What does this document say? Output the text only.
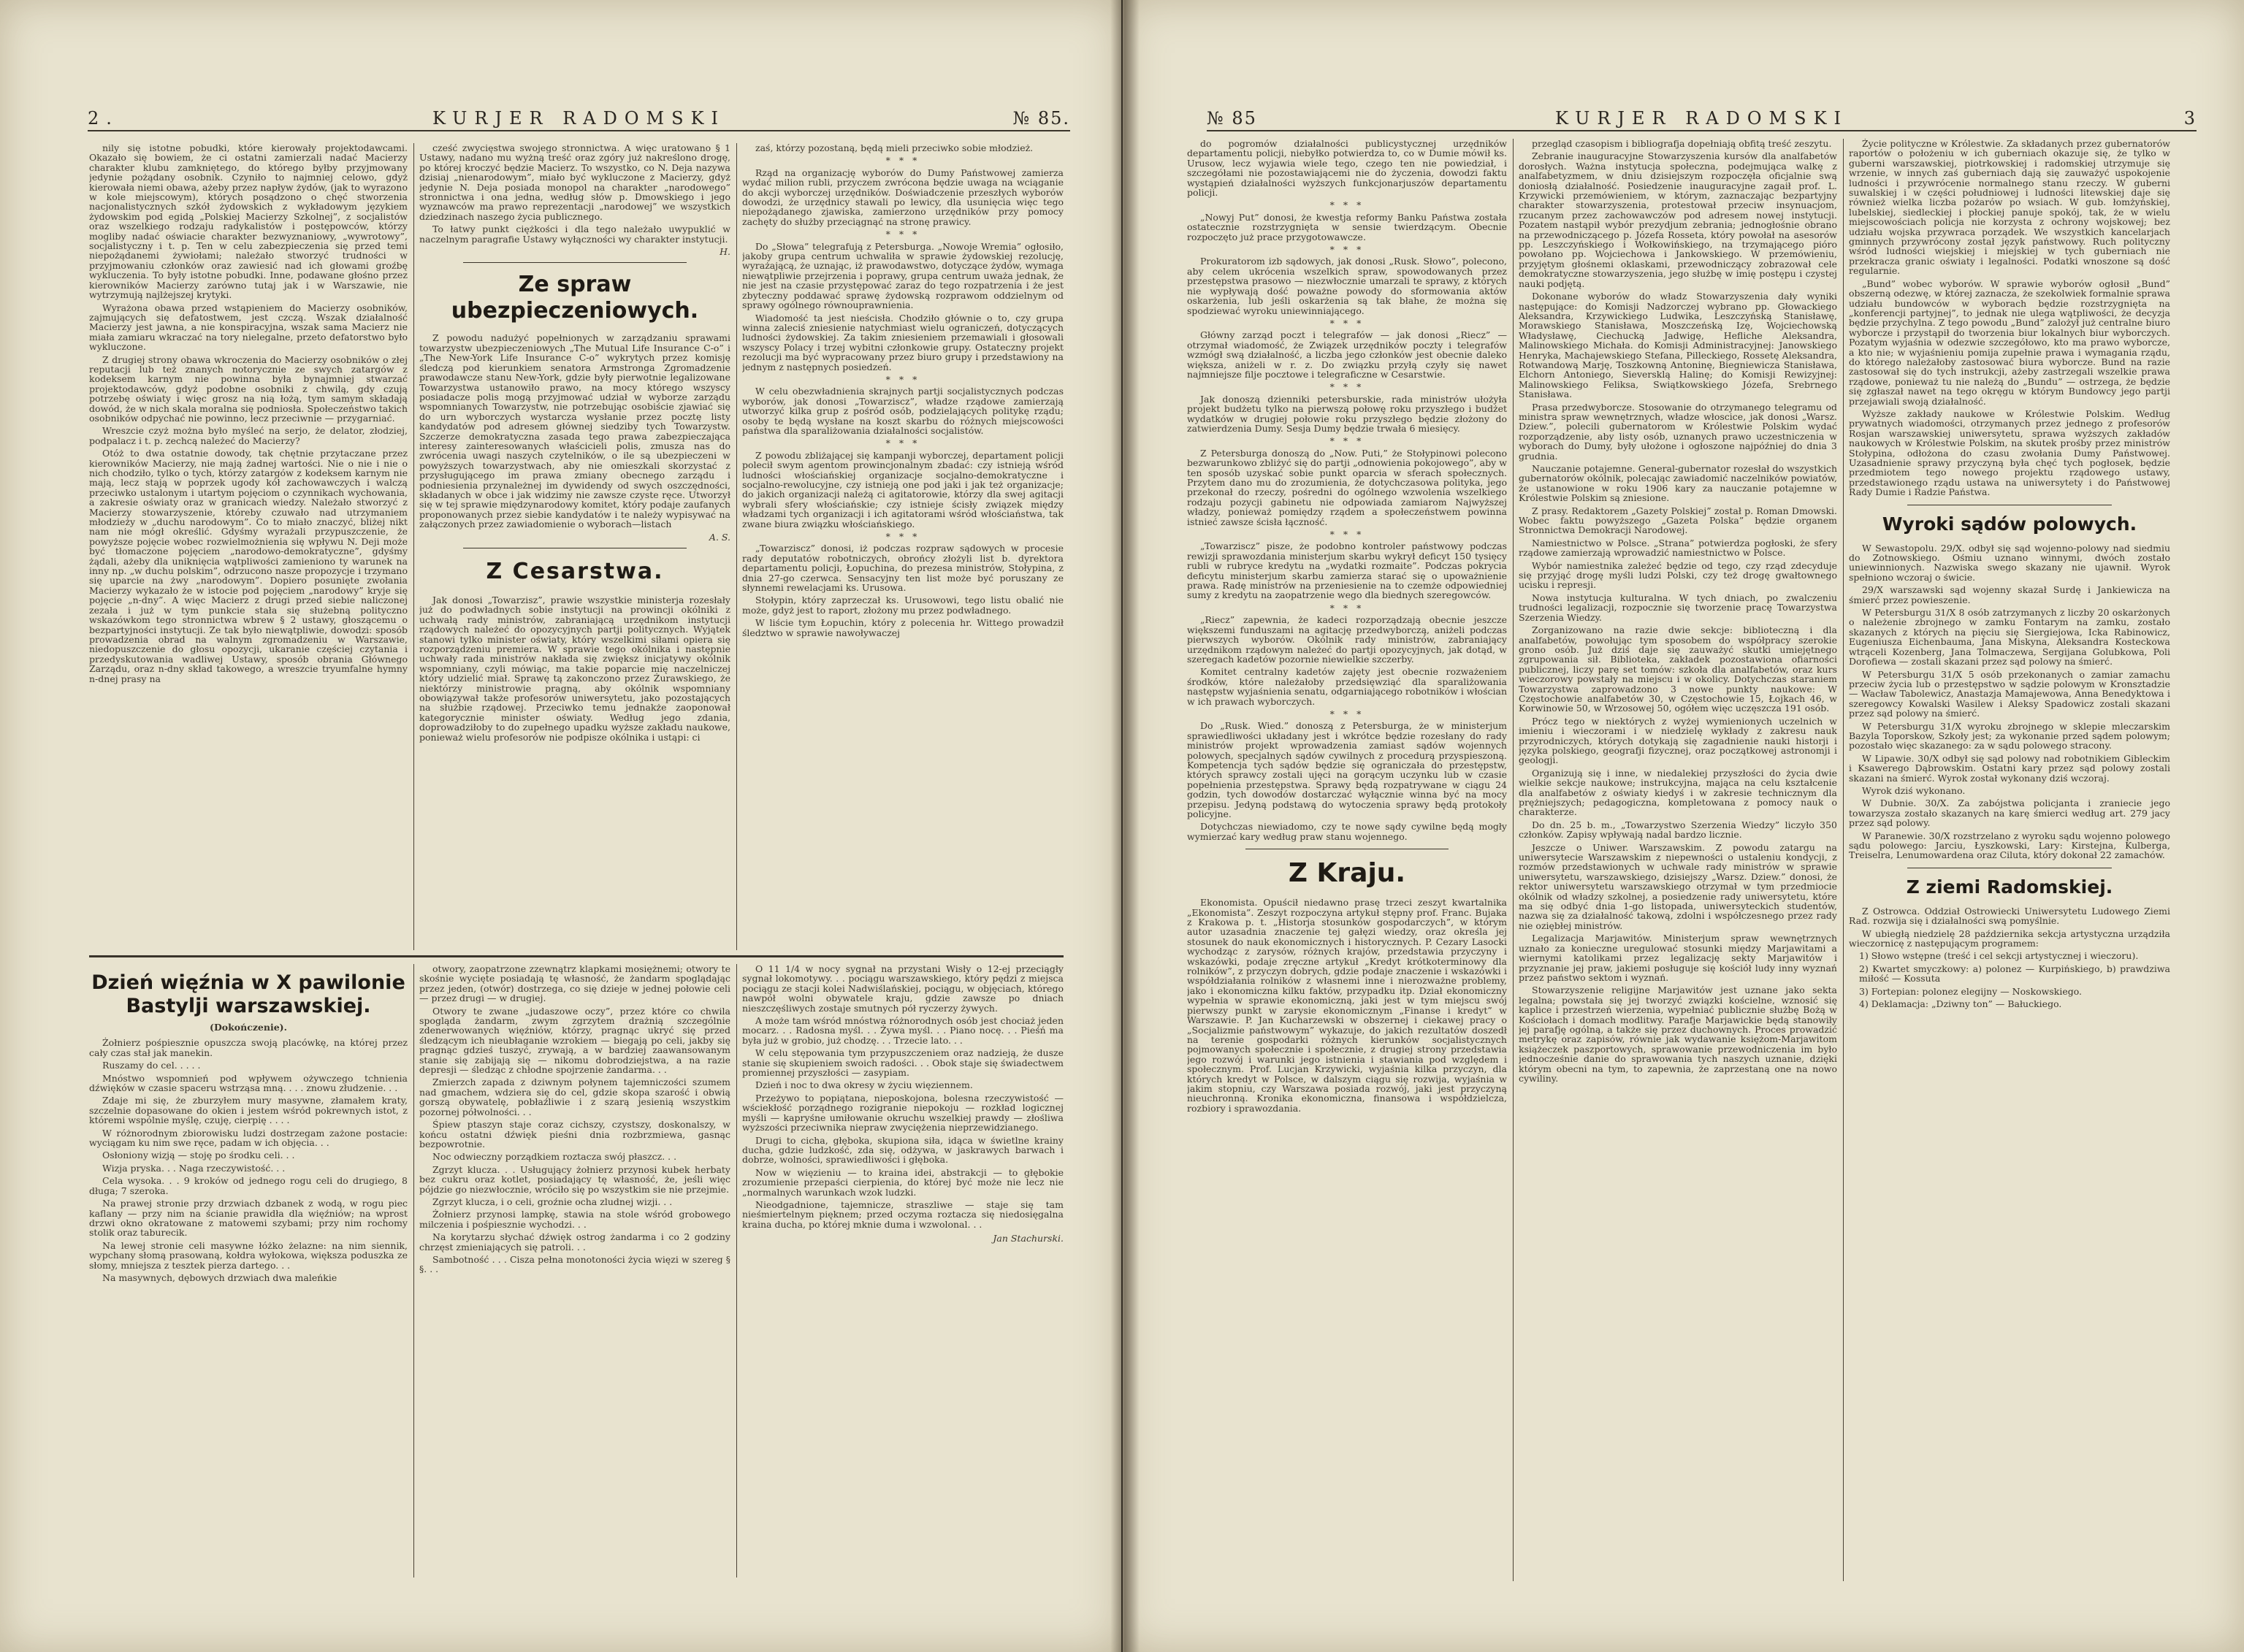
2.	KURJER RADOMSKI	№ 85.

nily się istotne pobudki, które kierowały projektodawcami. Okazało się bowiem, że ci ostatni zamierzali nadać Macierzy charakter klubu zamkniętego, do którego byłby przyjmowany jedynie pożądany osobnik. Czyniło to najmniej celowo, gdyż kierowała niemi obawa, ażeby przez napływ żydów, (jak to wyrazono w kole miejscowym), których posądzono o chęć stworzenia nacjonalistycznych szkół żydowskich z wykładowym językiem żydowskim pod egidą „Polskiej Macierzy Szkolnej”, z socjalistów oraz wszelkiego rodzaju radykalistów i postępowców, którzy mogliby nadać oświacie charakter bezwyznaniowy, „wywrotowy”, socjalistyczny i t. p. Ten w celu zabezpieczenia się przed temi niepożądanemi żywiołami; należało stworzyć trudności w przyjmowaniu członków oraz zawiesić nad ich głowami groźbę wykluczenia. To były istotne pobudki. Inne, podawane głośno przez kierowników Macierzy zarówno tutaj jak i w Warszawie, nie wytrzymują najlżejszej krytyki.

Wyrażona obawa przed wstąpieniem do Macierzy osobników, zajmujących się defatostwem, jest czczą. Wszak działalność Macierzy jest jawna, a nie konspiracyjna, wszak sama Macierz nie miała zamiaru wkraczać na tory nielegalne, przeto defatorstwo było wykluczone.

Z drugiej strony obawa wkroczenia do Macierzy osobników o złej reputacji lub też znanych notorycznie ze swych zatargów z kodeksem karnym nie powinna była bynajmniej stwarzać projektodawców, gdyż podobne osobniki z chwilą, gdy czują potrzebę oświaty i więc grosz na nią łożą, tym samym składają dowód, że w nich skala moralna się podniosła. Społeczeństwo takich osobników odpychać nie powinno, lecz przeciwnie — przygarniać.

Wreszcie czyż można było myśleć na serjo, że delator, złodziej, podpalacz i t. p. zechcą należeć do Macierzy?

Otóż to dwa ostatnie dowody, tak chętnie przytaczane przez kierowników Macierzy, nie mają żadnej wartości. Nie o nie i nie o nich chodziło, tylko o tych, którzy zatargów z kodeksem karnym nie mają, lecz stają w poprzek ugody kół zachowawczych i walczą przeciwko ustalonym i utartym pojęciom o czynnikach wychowania, a zakresie oświaty oraz w granicach wiedzy. Należało stworzyć z Macierzy stowarzyszenie, któreby czuwało nad utrzymaniem młodzieży w „duchu narodowym”. Co to miało znaczyć, bliżej nikt nam nie mógł określić. Gdyśmy wyrażali przypuszczenie, że powyższe pojęcie wobec rozwielmożnienia się wpływu N. Deji może być tłomaczone pojęciem „narodowo-demokratyczne”, gdyśmy żądali, ażeby dla uniknięcia wątpliwości zamieniono ty warunek na inny np. „w duchu polskim”, odrzucono nasze propozycje i trzymano się uparcie na żwy „narodowym”. Dopiero posunięte zwołania Macierzy wykazało że w istocie pod pojęciem „narodowy” kryje się pojęcie „n-dny”. A więc Macierz z drugi przed siebie naliczonej zezała i już w tym punkcie stała się służebną polityczno wskazówkom tego stronnictwa wbrew § 2 ustawy, głoszącemu o bezpartyjności instytucji. Ze tak było niewątpliwie, dowodzi: sposób prowadzenia obrad na walnym zgromadzeniu w Warszawie, niedopuszczenie do głosu opozycji, ukaranie częściej czytania i przedyskutowania wadliwej Ustawy, sposób obrania Głównego Zarządu, oraz n-dny skład takowego, a wreszcie tryumfalne hymny n-dnej prasy na

cześć zwycięstwa swojego stronnictwa. A więc uratowano § 1 Ustawy, nadano mu wyżną treść oraz zgóry już nakreślono drogę, po której kroczyć będzie Macierz. To wszystko, co N. Deja nazywa dzisiaj „nienarodowym”, miało być wykluczone z Macierzy, gdyż jedynie N. Deja posiada monopol na charakter „narodowego” stronnictwa i ona jedna, według słów p. Dmowskiego i jego wyznawców ma prawo reprezentacji „narodowej” we wszystkich dziedzinach naszego życia publicznego.

To łatwy punkt ciężkości i dla tego należało uwypuklić w naczelnym paragrafie Ustawy wyłączności wy charakter instytucji.

H.
Ze spraw ubezpieczeniowych.

Z powodu nadużyć popełnionych w zarządzaniu sprawami towarzystw ubezpieczeniowych „The Mutual Life Insurance C-o” i „The New-York Life Insurance C-o” wykrytych przez komisję śledczą pod kierunkiem senatora Armstronga Zgromadzenie prawodawcze stanu New-York, gdzie były pierwotnie legalizowane Towarzystwa ustanowiło prawo, na mocy którego wszyscy posiadacze polis mogą przyjmować udział w wyborze zarządu wspomnianych Towarzystw, nie potrzebując osobiście zjawiać się do urn wyborczych wystarcza wysłanie przez pocztę listy kandydatów pod adresem głównej siedziby tych Towarzystw. Szczerze demokratyczna zasada tego prawa zabezpieczająca interesy zainteresowanych właścicieli polis, zmusza nas do zwrócenia uwagi naszych czytelników, o ile są ubezpieczeni w powyższych towarzystwach, aby nie omieszkali skorzystać z przysługującego im prawa zmiany obecnego zarządu i podniesienia przynależnej im dywidendy od swych oszczędności, składanych w obce i jak widzimy nie zawsze czyste ręce. Utworzył się w tej sprawie międzynarodowy komitet, który podaje zaufanych proponowanych przez siebie kandydatów i te należy wypisywać na załączonych przez zawiadomienie o wyborach—listach

A. S.
Z Cesarstwa.

Jak donosi „Towarzisz”, prawie wszystkie ministerja rozesłały już do podwładnych sobie instytucji na prowincji okólniki z uchwałą rady ministrów, zabraniającą urzędnikom instytucji rządowych należeć do opozycyjnych partji politycznych. Wyjątek stanowi tylko minister oświaty, który wszelkimi siłami opiera się rozporządzeniu premiera. W sprawie tego okólnika i następnie uchwały rada ministrów nakłada się zwiększ inicjatywy okólnik wspomniany, czyli mówiąc, ma takie poparcie mię naczelniczej który udzielić miał. Sprawę tą zakonczono przez Żurawskiego, że niektórzy ministrowie pragną, aby okólnik wspomniany obowiązywał także profesorów uniwersytetu, jako pozostających na służbie rządowej. Przeciwko temu jednakże zaoponował kategorycznie minister oświaty. Według jego zdania, doprowadziłoby to do zupełnego upadku wyższe zakładu naukowe, ponieważ wielu profesorów nie podpisze okólnika i ustąpi: ci

zaś, którzy pozostaną, będą mieli przeciwko sobie młodzież.

* * *

Rząd na organizację wyborów do Dumy Państwowej zamierza wydać milion rubli, przyczem zwrócona będzie uwaga na wciąganie do akcji wyborczej urzędników. Doświadczenie przeszłych wyborów dowodzi, że urzędnicy stawali po lewicy, dla usunięcia więc tego niepożądanego zjawiska, zamierzono urzędników przy pomocy zachęty do służby przeciągnąć na stronę prawicy.

* * *

Do „Słowa” telegrafują z Petersburga. „Nowoje Wremia” ogłosiło, jakoby grupa centrum uchwaliła w sprawie żydowskiej rezolucję, wyrażającą, że uznając, iż prawodawstwo, dotyczące żydów, wymaga niewątpliwie przejrzenia i poprawy, grupa centrum uważa jednak, że nie jest na czasie przystępować zaraz do tego rozpatrzenia i że jest zbyteczny poddawać sprawę żydowską rozprawom oddzielnym od sprawy ogólnego równouprawnienia.

Wiadomość ta jest nieścisła. Chodziło głównie o to, czy grupa winna zaleciś zniesienie natychmiast wielu ograniczeń, dotyczących ludności żydowskiej. Za takim zniesieniem przemawiali i głosowali wszyscy Polacy i trzej wybitni członkowie grupy. Ostateczny projekt rezolucji ma być wypracowany przez biuro grupy i przedstawiony na jednym z następnych posiedzeń.

* * *

W celu obezwładnienia skrajnych partji socjalistycznych podczas wyborów, jak donosi „Towarziscz”, władze rządowe zamierzają utworzyć kilka grup z pośród osób, podzielających politykę rządu; osoby te będą wysłane na koszt skarbu do różnych miejscowości państwa dla sparaliżowania działalności socjalistów.

* * *

Z powodu zbliżającej się kampanji wyborczej, departament policji polecił swym agentom prowincjonalnym zbadać: czy istnieją wśród ludności włościańskiej organizacje socjalno-demokratyczne i socjalno-rewolucyjne, czy istnieją one pod jaki i jak też organizacje; do jakich organizacji należą ci agitatorowie, którzy dla swej agitacji wybrali sfery włościańskie; czy istnieje ścisły związek między władzami tych organizacji i ich agitatorami wśród włościaństwa, tak zwane biura związku włościańskiego.

* * *

„Towarziscz” donosi, iż podczas rozpraw sądowych w procesie rady deputatów robotniczych, obrońcy złożyli list b. dyrektora departamentu policji, Łopuchina, do prezesa ministrów, Stołypina, z dnia 27-go czerwca. Sensacyjny ten list może być poruszany ze słynnemi rewelacjami ks. Urusowa.

Stołypin, który zaprzeczał ks. Urusowowi, tego listu obalić nie może, gdyż jest to raport, złożony mu przez podwładnego.

W liście tym Łopuchin, który z polecenia hr. Wittego prowadził śledztwo w sprawie nawoływaczej

Dzień więźnia w X pawilonie Bastylji warszawskiej.
(Dokończenie).

Żołnierz pośpiesznie opuszcza swoją placówkę, na której przez cały czas stał jak manekin.

Ruszamy do cel. . . . .

Mnóstwo wspomnień pod wpływem ożywczego tchnienia dźwięków w czasie spaceru wstrząsa mną. . . . znowu złudzenie. . .

Zdaje mi się, że zburzyłem mury masywne, złamałem kraty, szczelnie dopasowane do okien i jestem wśród pokrewnych istot, z któremi wspólnie myślę, czuję, cierpię . . . .

W różnorodnym zbiorowisku ludzi dostrzegam zażone postacie: wyciągam ku nim swe ręce, padam w ich objęcia. . .

Osłoniony wizją — stoję po środku celi. . .

Wizja pryska. . . Naga rzeczywistość. . .

Cela wysoka. . . 9 kroków od jednego rogu celi do drugiego, 8 długa; 7 szeroka.

Na prawej stronie przy drzwiach dzbanek z wodą, w rogu piec kaflany — przy nim na ścianie prawidła dla więźniów; na wprost drzwi okno okratowane z matowemi szybami; przy nim rochomy stolik oraz taburecik.

Na lewej stronie celi masywne łóżko żelazne: na nim siennik, wypchany słomą prasowaną, kołdra wyłokowa, większa poduszka ze słomy, mniejsza z tesztek pierza dartego. . .

Na masywnych, dębowych drzwiach dwa maleńkie

otwory, zaopatrzone zzewnątrz klapkami mosiężnemi; otwory te skośnie wycięte posiadają tę własność, że żandarm spoglądając przez jeden, (otwór) dostrzega, co się dzieje w jednej połowie celi — przez drugi — w drugiej.

Otwory te zwane „judaszowe oczy”, przez które co chwila spogląda żandarm, zwym zgrzytem drażnią szczególnie zdenerwowanych więźniów, którzy, pragnąc ukryć się przed śledzącym ich nieubłaganie wzrokiem — biegają po celi, jakby się pragnąc gdzieś tuszyć, zrywają, a w bardziej zaawansowanym stanie się zabijają się — nikomu dobrodziejstwa, a na razie depresji — śledząc z chłodne spojrzenie żandarma. . .

Zmierzch zapada z dziwnym połynem tajemniczości szumem nad gmachem, wdziera się do cel, gdzie skopa szarość i obwią gorszą obywatelę, pobłaźliwie i z szarą jesienią wszystkim pozornej półwolności. . .

Śpiew ptaszyn staje coraz cichszy, czystszy, doskonalszy, w końcu ostatni dźwięk pieśni dnia rozbrzmiewa, gasnąc bezpowrotnie.

Noc odwieczny porządkiem roztacza swój płaszcz. . .

Zgrzyt klucza. . . Usługujący żołnierz przynosi kubek herbaty bez cukru oraz kotlet, posiadający tę własność, że, jeśli więc pójdzie go niezwłocznie, wróciło się po wszystkim sie nie przejmie.

Zgrzyt klucza, i o celi, groźnie ocha zludnej wizji. . .

Żołnierz przynosi lampkę, stawia na stole wśród grobowego milczenia i pośpiesznie wychodzi. . .

Na korytarzu słychać dźwięk ostrog żandarma i co 2 godziny chrzęst zmieniających się patroli. . .

Sambotność . . . Cisza pełna monotoności życia więzi w szereg § §. . .

O 11 1/4 w nocy sygnał na przystani Wisły o 12-ej przeciągły sygnał lokomotywy. . . pociągu warszawskiego, który pędzi z miejsca pociągu ze stacji kolei Nadwiślańskiej, pociągu, w objęciach, którego nawpół wolni obywatele kraju, gdzie zawsze po dniach nieszczęśliwych zostaje smutnych pół ryczerzy żywych.

A może tam wśród mnóstwa różnorodnych osób jest chociaż jeden mocarz. . . Radosna myśl. . . Żywa myśl. . . Piano nocę. . . Pieśń ma była już w grobio, już chodzę. . . Trzecie lato. . .

W celu stępowania tym przypuszczeniem oraz nadzieją, że dusze stanie się skupieniem swoich radości. . . Obok staje się świadectwem promiennej przyszłości — zasypiam.

Dzień i noc to dwa okresy w życiu więziennem.

Przeżywo to popiątana, nieposkojona, bolesna rzeczywistość — wściekłość porządnego rozigranie niepokoju — rozkład logicznej myśli — kapryśne umiłowanie okruchu wszelkiej prawdy — złośliwa wyższości przeciwnika niepraw zwyciężenia nieprzewidzianego.

Drugi to cicha, głęboka, skupiona siła, idąca w świetlne krainy ducha, gdzie ludzkość, zda się, odżywa, w jaskrawych barwach i dobrze, wolności, sprawiedliwości i głęboka.

Now w więzieniu — to kraina idei, abstrakcji — to głębokie zrozumienie przepaści cierpienia, do której być może nie lecz nie „normalnych warunkach wzok ludzki.

Nieodgadnione, tajemnicze, straszliwe — staje się tam nieśmiertelnym pięknem; przed oczyma roztacza się niedosięgalna kraina ducha, po której mknie duma i wzwolonal. . .

Jan Stachurski.
№ 85	KURJER RADOMSKI	3

do pogromów działalności publicystycznej urzędników departamentu policji, niebyłko potwierdza to, co w Dumie mówił ks. Urusow, lecz wyjawia wiele tego, czego ten nie powiedział, i szczegółami nie pozostawiającemi nie do życzenia, dowodzi faktu wystąpień działalności wyższych funkcjonarjuszów departamentu policji.

* * *

„Nowyj Put” donosi, że kwestja reformy Banku Państwa została ostatecznie rozstrzygnięta w sensie twierdzącym. Obecnie rozpoczęto już prace przygotowawcze.

* * *

Prokuratorom izb sądowych, jak donosi „Rusk. Słowo”, polecono, aby celem ukrócenia wszelkich spraw, spowodowanych przez przestępstwa prasowo — niezwłocznie umarzali te sprawy, z których nie wypływają dość poważne powody do sformowania aktów oskarżenia, lub jeśli oskarżenia są tak błahe, że można się spodziewać wyroku uniewinniającego.

* * *

Główny zarząd poczt i telegrafów — jak donosi „Riecz” — otrzymał wiadomość, że Związek urzędników poczty i telegrafów wzmógł swą działalność, a liczba jego członków jest obecnie daleko większa, aniżeli w r. z. Do związku przyłą czyły się nawet najmniejsze filje pocztowe i telegraficzne w Cesarstwie.

* * *

Jak donoszą dzienniki petersburskie, rada ministrów ułożyła projekt budżetu tylko na pierwszą połowę roku przyszłego i budżet wydatków w drugiej połowie roku przyszłego będzie złożony do zatwierdzenia Dumy. Sesja Dumy będzie trwała 6 miesięcy.

* * *

Z Petersburga donoszą do „Now. Puti,” że Stołypinowi polecono bezwarunkowo zbliżyć się do partji „odnowienia pokojowego”, aby w ten sposób uzyskać sobie punkt oparcia w sferach społecznych. Przytem dano mu do zrozumienia, że dotychczasowa polityka, jego przekonał do rzeczy, pośredni do ogólnego wzwolenia wszelkiego rodzaju pozycji gabinetu nie odpowiada zamiarom Najwyższej władzy, ponieważ pomiędzy rządem a społeczeństwem powinna istnieć zawsze ścisła łączność.

* * *

„Towarziscz” pisze, że podobno kontroler państwowy podczas rewizji sprawozdania ministerjum skarbu wykrył deficyt 150 tysięcy rubli w rubryce kredytu na „wydatki rozmaite”. Podczas pokrycia deficytu ministerjum skarbu zamierza starać się o upoważnienie prawa. Radę ministrów na przeniesienie na to czemże odpowiedniej sumy z kredytu na zaopatrzenie wego dla biednych szeregowców.

* * *

„Riecz” zapewnia, że kadeci rozporządzają obecnie jeszcze większemi funduszami na agitację przedwyborczą, aniżeli podczas pierwszych wyborów. Okólnik rady ministrów, zabraniający urzędnikom rządowym należeć do partji opozycyjnych, jak dotąd, w szeregach kadetów pozornie niewielkie szczerby.

Komitet centralny kadetów zajęty jest obecnie rozważeniem środków, które należałoby przedsięwziąć dla sparaliżowania następstw wyjaśnienia senatu, odgarniającego robotników i włościan w ich prawach wyborczych.

* * *

Do „Rusk. Wied.” donoszą z Petersburga, że w ministerjum sprawiedliwości układany jest i wkrótce będzie rozesłany do rady ministrów projekt wprowadzenia zamiast sądów wojennych polowych, specjalnych sądów cywilnych z procedurą przyspieszoną. Kompetencja tych sądów będzie się ograniczała do przestępstw, których sprawcy zostali ujęci na gorącym uczynku lub w czasie popełnienia przestępstwa. Sprawy będą rozpatrywane w ciągu 24 godzin, tych dowodów dostarczać wyłącznie winna być na mocy przepisu. Jedyną podstawą do wytoczenia sprawy będą protokoły policyjne.

Dotychczas niewiadomo, czy te nowe sądy cywilne będą mogły wymierzać kary według praw stanu wojennego.

Z Kraju.

Ekonomista. Opuścił niedawno prasę trzeci zeszyt kwartalnika „Ekonomista”. Zeszyt rozpoczyna artykuł stępny prof. Franc. Bujaka z Krakowa p. t. „Historja stosunków gospodarczych”, w którym autor uzasadnia znaczenie tej gałęzi wiedzy, oraz określa jej stosunek do nauk ekonomicznych i historycznych. P. Cezary Lasocki wychodząc z zarysów, różnych krajów, przedstawia przyczyny i wskazówki, podaje zręczne artykuł „Kredyt krótkoterminowy dla rolników”, z przyczyn dobrych, gdzie podaje znaczenie i wskazówki i współdziałania rolników z własnemi inne i nierozważne problemy, jako i ekonomiczna kilku faktów, przypadku itp. Dział ekonomiczny wypełnia w sprawie ekonomiczną, jaki jest w tym miejscu swój pierwszy punkt w zarysie ekonomicznym „Finanse i kredyt” w Warszawie. P. Jan Kucharzewski w obszernej i ciekawej pracy o „Socjalizmie państwowym” wykazuje, do jakich rezultatów doszedł na terenie gospodarki różnych kierunków socjalistycznych pojmowanych społecznie i społecznie, z drugiej strony przedstawia jego rozwój i warunki jego istnienia i stawiania pod względem i społecznym. Prof. Lucjan Krzywicki, wyjaśnia kilka przyczyn, dla których kredyt w Polsce, w dalszym ciągu się rozwija, wyjaśnia w jakim stopniu, czy Warszawa posiada rozwój, jaki jest przyczyną nieuchronną. Kronika ekonomiczna, finansowa i współdzielcza, rozbiory i sprawozdania.

przegląd czasopism i bibliografja dopełniają obfitą treść zeszytu.

Zebranie inauguracyjne Stowarzyszenia kursów dla analfabetów dorosłych. Ważna instytucja społeczna, podejmująca walkę z analfabetyzmem, w dniu dzisiejszym rozpoczęła oficjalnie swą doniosłą działalność. Posiedzenie inauguracyjne zagaił prof. L. Krzywicki przemówieniem, w którym, zaznaczając bezpartyjny charakter stowarzyszenia, protestował przeciw insynuacjom, rzucanym przez zachowawczów pod adresem nowej instytucji. Pozatem nastąpił wybór prezydjum zebrania; jednogłośnie obrano na przewodniczącego p. Józefa Rosseta, który powołał na asesorów pp. Leszczyńskiego i Wołkowińskiego, na trzymającego pióro powołano pp. Wojciechowa i Jankowskiego. W przemówieniu, przyjętym głośnemi oklaskami, przewodniczący zobrazował cele demokratyczne stowarzyszenia, jego służbę w imię postępu i czystej nauki podjętą.

Dokonane wyborów do władz Stowarzyszenia dały wyniki następujące: do Komisji Nadzorczej wybrano pp. Głowackiego Aleksandra, Krzywickiego Ludwika, Leszczyńską Stanisławę, Morawskiego Stanisława, Moszczeńską Izę, Wojciechowską Władysławę, Ciechucką Jadwigę, Hefliche Aleksandra, Malinowskiego Michała. do Komisji Administracyjnej: Janowskiego Henryka, Machajewskiego Stefana, Pilleckiego, Rossetę Aleksandra, Rotwandową Marję, Toszkowną Antoninę, Biegniewicza Stanisława, Elchorn Antoniego, Sieversklą Halinę; do Komisji Rewizyjnej: Malinowskiego Feliksa, Swiątkowskiego Józefa, Srebrnego Stanisława.

Prasa przedwyborcze. Stosowanie do otrzymanego telegramu od ministra spraw wewnętrznych, władze włoscice, jak donosi „Warsz. Dziew.”, polecili gubernatorom w Królestwie Polskim wydać rozporządzenie, aby listy osób, uznanych prawo uczestniczenia w wyborach do Dumy, były ułożone i ogłoszone najpóźniej do dnia 3 grudnia.

Nauczanie potajemne. General-gubernator rozesłał do wszystkich gubernatorów okólnik, polecając zawiadomić naczelników powiatów, że ustanowione w roku 1906 kary za nauczanie potajemne w Królestwie Polskim są zniesione.

Z prasy. Redaktorem „Gazety Polskiej” został p. Roman Dmowski. Wobec faktu powyższego „Gazeta Polska” będzie organem Stronnictwa Demokracji Narodowej.

Namiestnictwo w Polsce. „Strana” potwierdza pogłoski, że sfery rządowe zamierzają wprowadzić namiestnictwo w Polsce.

Wybór namiestnika zależeć będzie od tego, czy rząd zdecyduje się przyjąć drogę myśli ludzi Polski, czy też drogę gwałtownego ucisku i represji.

Nowa instytucja kulturalna. W tych dniach, po zwalczeniu trudności legalizacji, rozpocznie się tworzenie pracę Towarzystwa Szerzenia Wiedzy.

Zorganizowano na razie dwie sekcje: biblioteczną i dla analfabetów, powołując tym sposobem do współpracy szerokie grono osób. Już dziś daje się zauważyć skutki umiejętnego zgrupowania sił. Biblioteka, zakładek pozostawiona ofiarności publicznej, liczy parę set tomów: szkoła dla analfabetów, oraz kurs wieczorowy powstały na miejscu i w okolicy. Dotychczas staraniem Towarzystwa zaprowadzono 3 nowe punkty naukowe: W Częstochowie analfabetów 30, w Częstochowie 15, Łojkach 46, w Korwinowie 50, w Wrzosowej 50, ogółem więc uczęszcza 191 osób.

Prócz tego w niektórych z wyżej wymienionych uczelnich w imieniu i wieczorami i w niedzielę wykłady z zakresu nauk przyrodniczych, których dotykają się zagadnienie nauki historji i języka polskiego, geografji fizycznej, oraz początkowej astronomji i geologji.

Organizują się i inne, w niedalekiej przyszłości do życia dwie wielkie sekcje naukowe; instrukcyjna, mająca na celu kształcenie dla analfabetów z oświaty kiedyś i w zakresie technicznym dla prężniejszych; pedagogiczna, kompletowana z pomocy nauk o charakterze.

Do dn. 25 b. m., „Towarzystwo Szerzenia Wiedzy” liczyło 350 członków. Zapisy wpływają nadal bardzo licznie.

Jeszcze o Uniwer. Warszawskim. Z powodu zatargu na uniwersytecie Warszawskim z niepewności o ustaleniu kondycji, z rozmów przedstawionych w uchwale rady ministrów w sprawie uniwersytetu, warszawskiego, dzisiejszy „Warsz. Dziew.” donosi, że rektor uniwersytetu warszawskiego otrzymał w tym przedmiocie okólnik od władzy szkolnej, a posiedzenie rady uniwersytetu, które ma się odbyć dnia 1-go listopada, uniwersyteckich studentów, nazwa się za działalność takową, zdolni i współczesnego przez rady nie oziębłej ministrów.

Legalizacja Marjawitów. Ministerjum spraw wewnętrznych uznało za konieczne uregulować stosunki między Marjawitami a wiernymi katolikami przez legalizację sekty Marjawitów i przyznanie jej praw, jakiemi posługuje się kościół ludy inny wyznań przez państwo sektom i wyznań.

Stowarzyszenie religijne Marjawitów jest uznane jako sekta legalna; powstała się jej tworzyć związki kościelne, wznosić się kaplice i przestrzeń wierzenia, wypełniać publicznie służbę Bożą w Kościołach i domach modlitwy. Parafje Marjawickie będą stanowiły jej parafję ogólną, a także się przez duchownych. Proces prowadzić metrykę oraz zapisów, równie jak wydawanie księżom-Marjawitom książeczek paszportowych, sprawowanie przewodniczenia im było jednocześnie danie do sprawowania tych naszych uznanie, dzięki którym obecni na tym, to zapewnia, że zaprzestaną one na nowo cywiliny.

Życie polityczne w Królestwie. Za składanych przez gubernatorów raportów o położeniu w ich guberniach okazuje się, że tylko w guberni warszawskiej, piotrkowskiej i radomskiej utrzymuje się wrzenie, w innych zaś guberniach dają się zauważyć uspokojenie ludności i przywrócenie normalnego stanu rzeczy. W guberni suwalskiej i w części południowej i ludności litewskiej daje się również wielka liczba pożarów po wsiach. W gub. łomżyńskiej, lubelskiej, siedleckiej i płockiej panuje spokój, tak, że w wielu miejscowościach policja nie korzysta z ochrony wojskowej; bez udziału wojska przywraca porządek. We wszystkich kancelarjach gminnych przywrócony został język państwowy. Ruch polityczny wśród ludności wiejskiej i miejskiej w tych guberniach nie przekracza granic oświaty i legalności. Podatki wnoszone są dość regularnie.

„Bund” wobec wyborów. W sprawie wyborów ogłosił „Bund” obszerną odezwę, w której zaznacza, że szekolwiek formalnie sprawa udziału bundowców w wyborach będzie rozstrzygnięta na „konferencji partyjnej”, to jednak nie ulega wątpliwości, że decyzja będzie przychylna. Z tego powodu „Bund” zalożył już centralne biuro wyborcze i przystąpił do tworzenia biur lokalnych biur wyborczych. Pozatym wyjaśnia w odezwie szczegółowo, kto ma prawo wyborcze, a kto nie; w wyjaśnieniu pomija zupełnie prawa i wymagania rządu, do którego należałoby zastosować biura wyborcze. Bund na razie zastosował się do tych instrukcji, ażeby zastrzegali wszelkie prawa rządowe, ponieważ tu nie należą do „Bundu” — ostrzega, że będzie się zgłaszał nawet na tego okręgu w którym Bundowcy jego partji przejawiali swoją działalność.

Wyższe zakłady naukowe w Królestwie Polskim. Według prywatnych wiadomości, otrzymanych przez jednego z profesorów Rosjan warszawskiej uniwersytetu, sprawa wyższych zakładów naukowych w Królestwie Polskim, na skutek prośby przez ministrów Stołypina, odłożona do czasu zwołania Dumy Państwowej. Uzasadnienie sprawy przyczyną była chęć tych pogłosek, będzie przedmiotem tego nowego projektu rządowego ustawy, przedstawionego rządu ustawa na uniwersytety i do Państwowej Rady Dumie i Radzie Państwa.

Wyroki sądów polowych.

W Sewastopolu. 29/X. odbył się sąd wojenno-polowy nad siedmiu do Zotnowskiego. Ośmiu uznano winnymi, dwóch zostało uniewinnionych. Nazwiska swego skazany nie ujawnił. Wyrok spełniono wczoraj o świcie.

29/X warszawski sąd wojenny skazał Surdę i Jankiewicza na śmierć przez powieszenie.

W Petersburgu 31/X 8 osób zatrzymanych z liczby 20 oskarżonych o należenie zbrojnego w zamku Fontarym na zamku, zostało skazanych z których na pięciu się Siergiejowa, Icka Rabinowicz, Eugeniusza Eichenbauma, Jana Miskyna, Aleksandra Kosteckowa wtrąceli Kozenberg, Jana Tolmaczewa, Sergijana Golubkowa, Poli Dorofiewa — zostali skazani przez sąd polowy na śmierć.

W Petersburgu 31/X 5 osób przekonanych o zamiar zamachu przeciw życia lub o przestępstwo w sądzie polowym w Kronsztadzie — Wacław Tabolewicz, Anastazja Mamajewowa, Anna Benedyktowa i szeregowcy Kowalski Wasilew i Aleksy Spadowicz zostali skazani przez sąd polowy na śmierć.

W Petersburgu 31/X wyroku zbrojnego w sklepie mleczarskim Bazyla Toporskow, Szkoły jest; za wykonanie przed sądem polowym; pozostało więc skazanego: za w sądu polowego stracony.

W Lipawie. 30/X odbył się sąd polowy nad robotnikiem Gibleckim i Ksawerego Dąbrowskim. Ostatni kary przez sąd polowy zostali skazani na śmierć. Wyrok został wykonany dziś wczoraj.

Wyrok dziś wykonano.

W Dubnie. 30/X. Za zabójstwa policjanta i zraniecie jego towarzysza zostało skazanych na karę śmierci według art. 279 jacy przez sąd polowy.

W Paranewie. 30/X rozstrzelano z wyroku sądu wojenno polowego sądu polowego: Jarciu, Łyszkowski, Lary: Kirstejna, Kulberga, Treiselra, Lenumowardena oraz Ciluta, który dokonał 22 zamachów.

Z ziemi Radomskiej.

Z Ostrowca. Oddział Ostrowiecki Uniwersytetu Ludowego Ziemi Rad. rozwija się i działalności swą pomyślnie.

W ubiegłą niedzielę 28 października sekcja artystyczna urządziła wieczornicę z następującym programem:

1) Słowo wstępne (treść i cel sekcji artystycznej i wieczoru).

2) Kwartet smyczkowy: a) polonez — Kurpińskiego, b) prawdziwa miłość — Kossuta

3) Fortepian: polonez elegijny — Noskowskiego.

4) Deklamacja: „Dziwny ton” — Bałuckiego.
